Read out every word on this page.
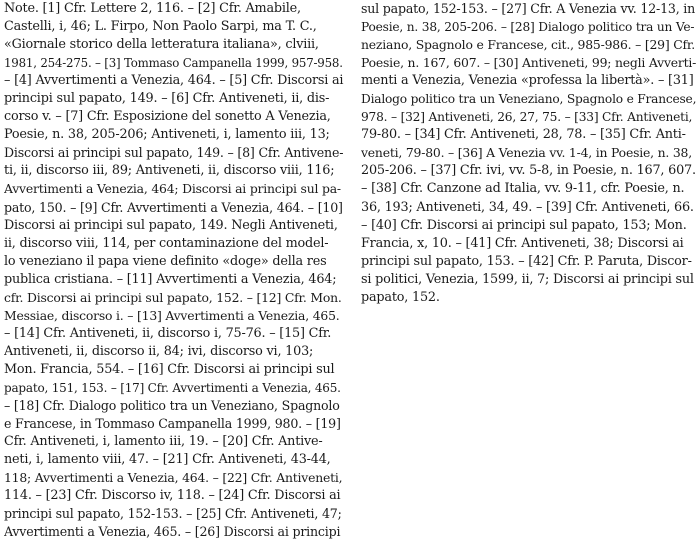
Note. [1] Cfr. Lettere 2, 116. – [2] Cfr. Amabile,
Castelli, i, 46; L. Firpo, Non Paolo Sarpi, ma T. C.,
«Giornale storico della letteratura italiana», clviii,
1981, 254-275. – [3] Tommaso Campanella 1999, 957-958.
– [4] Avvertimenti a Venezia, 464. – [5] Cfr. Discorsi ai
principi sul papato, 149. – [6] Cfr. Antiveneti, ii, dis-
corso v. – [7] Cfr. Esposizione del sonetto A Venezia,
Poesie, n. 38, 205-206; Antiveneti, i, lamento iii, 13;
Discorsi ai principi sul papato, 149. – [8] Cfr. Antivene-
ti, ii, discorso iii, 89; Antiveneti, ii, discorso viii, 116;
Avvertimenti a Venezia, 464; Discorsi ai principi sul pa-
pato, 150. – [9] Cfr. Avvertimenti a Venezia, 464. – [10]
Discorsi ai principi sul papato, 149. Negli Antiveneti,
ii, discorso viii, 114, per contaminazione del model-
lo veneziano il papa viene definito «doge» della res
publica cristiana. – [11] Avvertimenti a Venezia, 464;
cfr. Discorsi ai principi sul papato, 152. – [12] Cfr. Mon.
Messiae, discorso i. – [13] Avvertimenti a Venezia, 465.
– [14] Cfr. Antiveneti, ii, discorso i, 75-76. – [15] Cfr.
Antiveneti, ii, discorso ii, 84; ivi, discorso vi, 103;
Mon. Francia, 554. – [16] Cfr. Discorsi ai principi sul
papato, 151, 153. – [17] Cfr. Avvertimenti a Venezia, 465.
– [18] Cfr. Dialogo politico tra un Veneziano, Spagnolo
e Francese, in Tommaso Campanella 1999, 980. – [19]
Cfr. Antiveneti, i, lamento iii, 19. – [20] Cfr. Antive-
neti, i, lamento viii, 47. – [21] Cfr. Antiveneti, 43-44,
118; Avvertimenti a Venezia, 464. – [22] Cfr. Antiveneti,
114. – [23] Cfr. Discorso iv, 118. – [24] Cfr. Discorsi ai
principi sul papato, 152-153. – [25] Cfr. Antiveneti, 47;
Avvertimenti a Venezia, 465. – [26] Discorsi ai principi
sul papato, 152-153. – [27] Cfr. A Venezia vv. 12-13, in
Poesie, n. 38, 205-206. – [28] Dialogo politico tra un Ve-
neziano, Spagnolo e Francese, cit., 985-986. – [29] Cfr.
Poesie, n. 167, 607. – [30] Antiveneti, 99; negli Avverti-
menti a Venezia, Venezia «professa la libertà». – [31]
Dialogo politico tra un Veneziano, Spagnolo e Francese,
978. – [32] Antiveneti, 26, 27, 75. – [33] Cfr. Antiveneti,
79-80. – [34] Cfr. Antiveneti, 28, 78. – [35] Cfr. Anti-
veneti, 79-80. – [36] A Venezia vv. 1-4, in Poesie, n. 38,
205-206. – [37] Cfr. ivi, vv. 5-8, in Poesie, n. 167, 607.
– [38] Cfr. Canzone ad Italia, vv. 9-11, cfr. Poesie, n.
36, 193; Antiveneti, 34, 49. – [39] Cfr. Antiveneti, 66.
– [40] Cfr. Discorsi ai principi sul papato, 153; Mon.
Francia, x, 10. – [41] Cfr. Antiveneti, 38; Discorsi ai
principi sul papato, 153. – [42] Cfr. P. Paruta, Discor-
si politici, Venezia, 1599, ii, 7; Discorsi ai principi sul
papato, 152.
